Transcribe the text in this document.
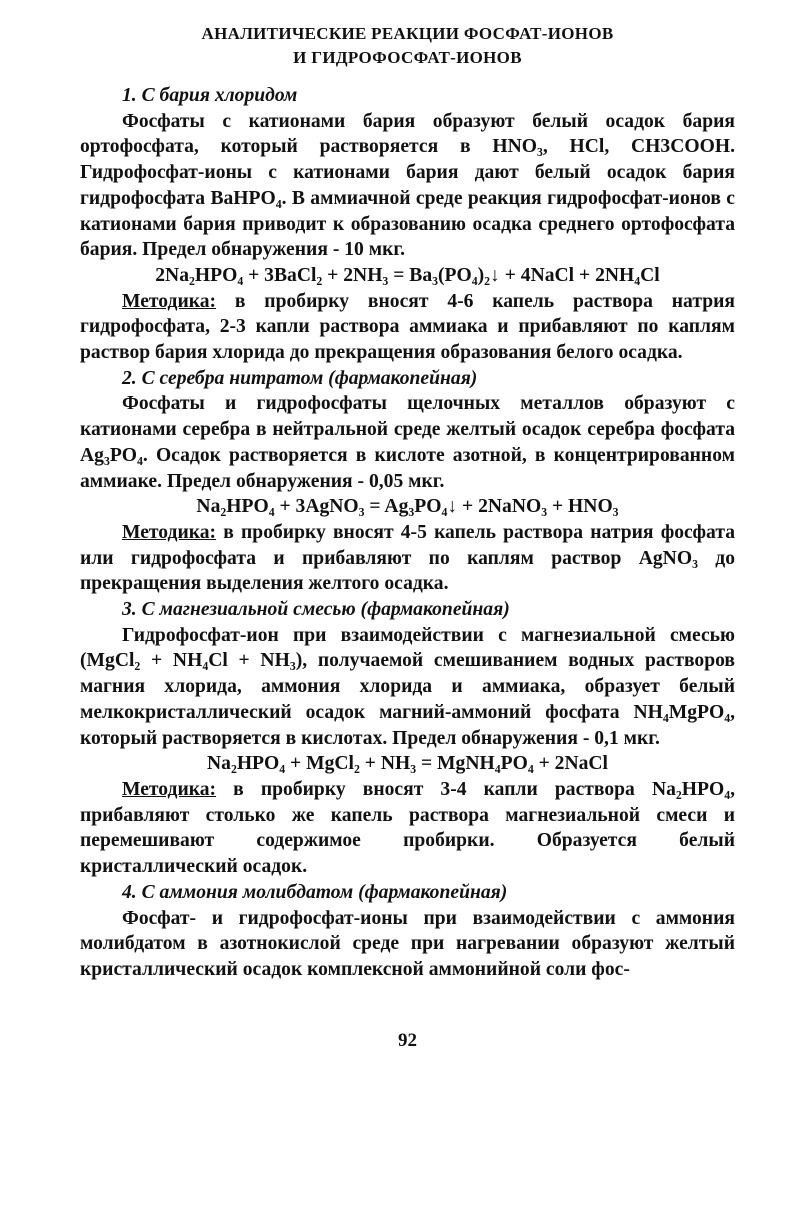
АНАЛИТИЧЕСКИЕ РЕАКЦИИ ФОСФАТ-ИОНОВ
И ГИДРОФОСФАТ-ИОНОВ

1. С бария хлоридом

Фосфаты с катионами бария образуют белый осадок бария ортофосфата, который растворяется в HNO₃, HCl, CH3COOH. Гидрофосфат-ионы с катионами бария дают белый осадок бария гидрофосфата BaHPO₄. В аммиачной среде реакция гидрофосфат-ионов с катионами бария приводит к образованию осадка среднего ортофосфата бария. Предел обнаружения - 10 мкг.

2Na₂HPO₄ + 3BaCl₂ + 2NH₃ = Ba₃(PO₄)₂↓ + 4NaCl + 2NH₄Cl

Методика: в пробирку вносят 4-6 капель раствора натрия гидрофосфата, 2-3 капли раствора аммиака и прибавляют по каплям раствор бария хлорида до прекращения образования белого осадка.

2. С серебра нитратом (фармакопейная)

Фосфаты и гидрофосфаты щелочных металлов образуют с катионами серебра в нейтральной среде желтый осадок серебра фосфата Ag₃PO₄. Осадок растворяется в кислоте азотной, в концентрированном аммиаке. Предел обнаружения - 0,05 мкг.

Na₂HPO₄ + 3AgNO₃ = Ag₃PO₄↓ + 2NaNO₃ + HNO₃

Методика: в пробирку вносят 4-5 капель раствора натрия фосфата или гидрофосфата и прибавляют по каплям раствор AgNO₃ до прекращения выделения желтого осадка.

3. С магнезиальной смесью (фармакопейная)

Гидрофосфат-ион при взаимодействии с магнезиальной смесью (MgCl₂ + NH₄Cl + NH₃), получаемой смешиванием водных растворов магния хлорида, аммония хлорида и аммиака, образует белый мелкокристаллический осадок магний-аммоний фосфата NH₄MgPO₄, который растворяется в кислотах. Предел обнаружения - 0,1 мкг.

Na₂HPO₄ + MgCl₂ + NH₃ = MgNH₄PO₄ + 2NaCl

Методика: в пробирку вносят 3-4 капли раствора Na₂HPO₄, прибавляют столько же капель раствора магнезиальной смеси и перемешивают содержимое пробирки. Образуется белый кристаллический осадок.

4. С аммония молибдатом (фармакопейная)

Фосфат- и гидрофосфат-ионы при взаимодействии с аммония молибдатом в азотнокислой среде при нагревании образуют желтый кристаллический осадок комплексной аммонийной соли фос-

92
